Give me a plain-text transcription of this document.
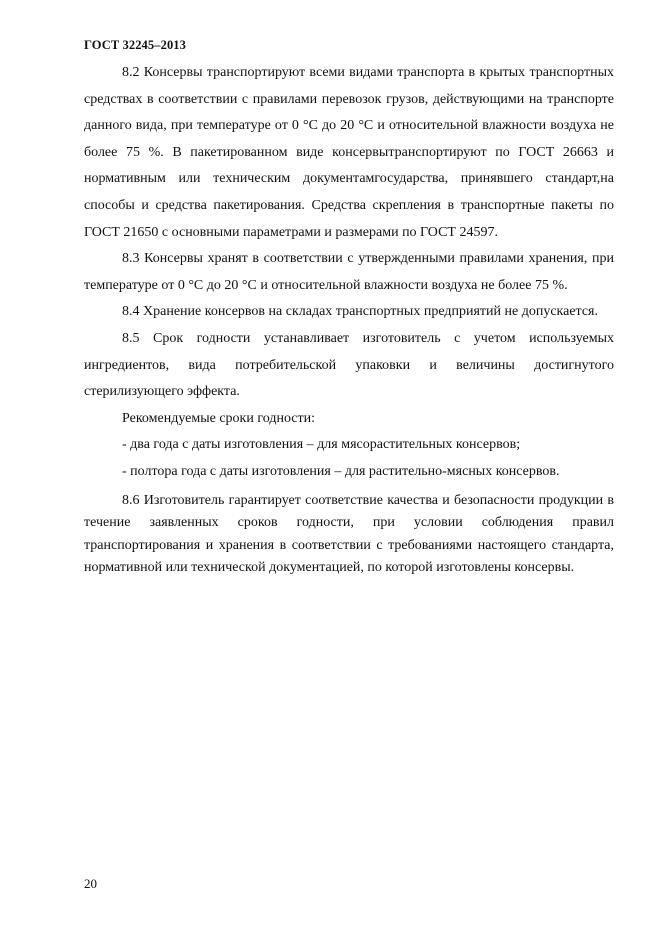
ГОСТ 32245–2013

8.2 Консервы транспортируют всеми видами транспорта в крытых транспортных средствах в соответствии с правилами перевозок грузов, действующими на транспорте данного вида, при температуре от 0 °С до 20 °С и относительной влажности воздуха не более 75 %. В пакетированном виде консервытранспортируют по ГОСТ 26663 и нормативным или техническим документамгосударства, принявшего стандарт,на способы и средства пакетирования. Средства скрепления в транспортные пакеты по ГОСТ 21650 с основными параметрами и размерами по ГОСТ 24597.

8.3 Консервы хранят в соответствии с утвержденными правилами хранения, при температуре от 0 °С до 20 °С и относительной влажности воздуха не более 75 %.

8.4 Хранение консервов на складах транспортных предприятий не допускается.

8.5 Срок годности устанавливает изготовитель с учетом используемых ингредиентов, вида потребительской упаковки и величины достигнутого стерилизующего эффекта.

Рекомендуемые сроки годности:

- два года с даты изготовления – для мясорастительных консервов;

- полтора года с даты изготовления – для растительно-мясных консервов.

8.6 Изготовитель гарантирует соответствие качества и безопасности продукции в течение заявленных сроков годности, при условии соблюдения правил транспортирования и хранения в соответствии с требованиями настоящего стандарта, нормативной или технической документацией, по которой изготовлены консервы.

20
